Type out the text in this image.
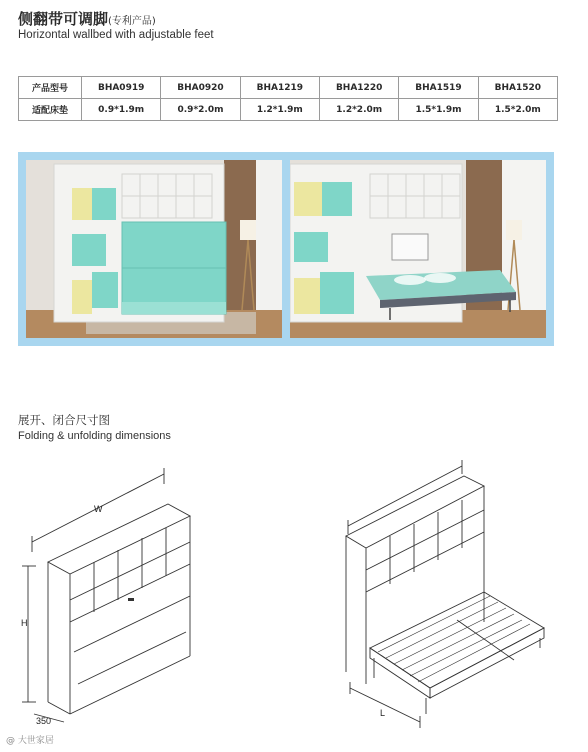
侧翻带可调脚(专利产品)
Horizontal wallbed with adjustable feet
产品型号	BHA0919	BHA0920	BHA1219	BHA1220	BHA1519	BHA1520
适配床垫	0.9*1.9m	0.9*2.0m	1.2*1.9m	1.2*2.0m	1.5*1.9m	1.5*2.0m
展开、闭合尺寸图
Folding & unfolding dimensions
W
H
350
L
@ 大世家居
